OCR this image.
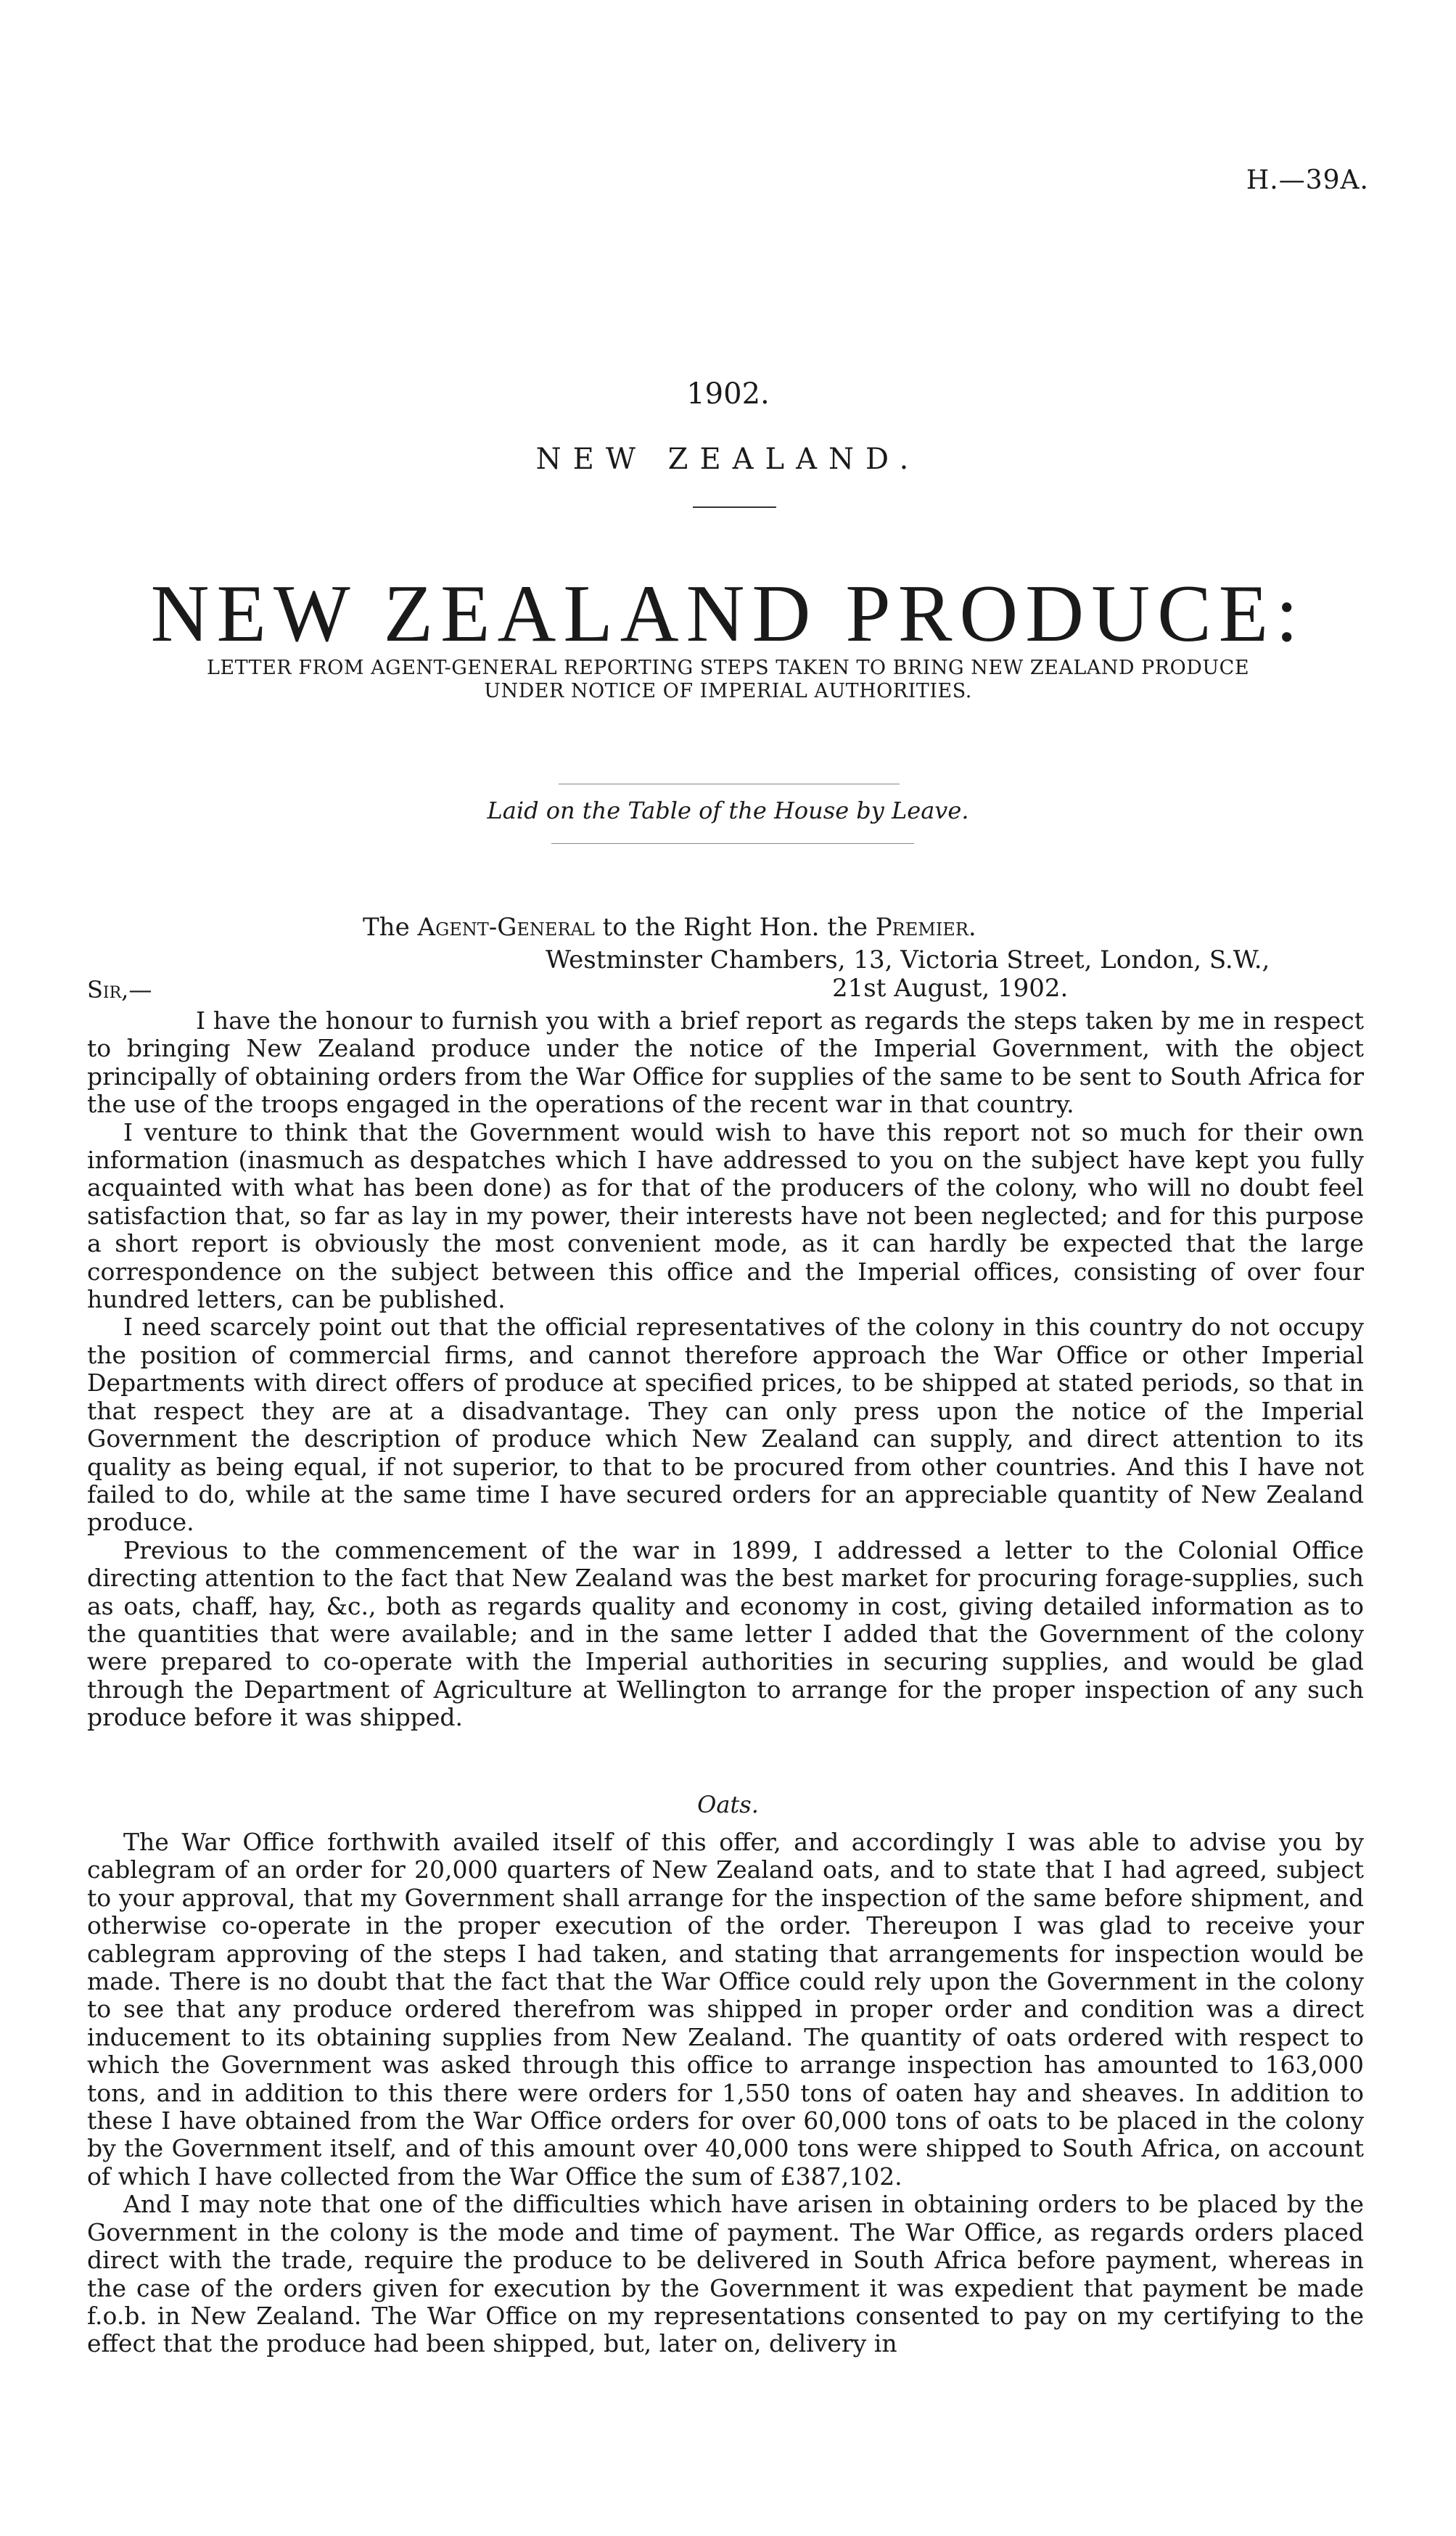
H.—39A.
1902.
NEW ZEALAND.
NEW ZEALAND PRODUCE:
LETTER FROM AGENT-GENERAL REPORTING STEPS TAKEN TO BRING NEW ZEALAND PRODUCE
UNDER NOTICE OF IMPERIAL AUTHORITIES.
Laid on the Table of the House by Leave.
The Agent-General to the Right Hon. the Premier.
Westminster Chambers, 13, Victoria Street, London, S.W.,
Sir,—	21st August, 1902.

I have the honour to furnish you with a brief report as regards the steps taken by me in respect to bringing New Zealand produce under the notice of the Imperial Government, with the object principally of obtaining orders from the War Office for supplies of the same to be sent to South Africa for the use of the troops engaged in the operations of the recent war in that country.

I venture to think that the Government would wish to have this report not so much for their own information (inasmuch as despatches which I have addressed to you on the subject have kept you fully acquainted with what has been done) as for that of the producers of the colony, who will no doubt feel satisfaction that, so far as lay in my power, their interests have not been neglected; and for this purpose a short report is obviously the most convenient mode, as it can hardly be expected that the large correspondence on the subject between this office and the Imperial offices, consisting of over four hundred letters, can be published.

I need scarcely point out that the official representatives of the colony in this country do not occupy the position of commercial firms, and cannot therefore approach the War Office or other Imperial Departments with direct offers of produce at specified prices, to be shipped at stated periods, so that in that respect they are at a disadvantage. They can only press upon the notice of the Imperial Government the description of produce which New Zealand can supply, and direct attention to its quality as being equal, if not superior, to that to be procured from other countries. And this I have not failed to do, while at the same time I have secured orders for an appreciable quantity of New Zealand produce.

Previous to the commencement of the war in 1899, I addressed a letter to the Colonial Office directing attention to the fact that New Zealand was the best market for procuring forage-supplies, such as oats, chaff, hay, &c., both as regards quality and economy in cost, giving detailed information as to the quantities that were available; and in the same letter I added that the Government of the colony were prepared to co-operate with the Imperial authorities in securing supplies, and would be glad through the Department of Agriculture at Wellington to arrange for the proper inspection of any such produce before it was shipped.

Oats.

The War Office forthwith availed itself of this offer, and accordingly I was able to advise you by cablegram of an order for 20,000 quarters of New Zealand oats, and to state that I had agreed, subject to your approval, that my Government shall arrange for the inspection of the same before shipment, and otherwise co-operate in the proper execution of the order. Thereupon I was glad to receive your cablegram approving of the steps I had taken, and stating that arrangements for inspection would be made. There is no doubt that the fact that the War Office could rely upon the Government in the colony to see that any produce ordered therefrom was shipped in proper order and condition was a direct inducement to its obtaining supplies from New Zealand. The quantity of oats ordered with respect to which the Government was asked through this office to arrange inspection has amounted to 163,000 tons, and in addition to this there were orders for 1,550 tons of oaten hay and sheaves. In addition to these I have obtained from the War Office orders for over 60,000 tons of oats to be placed in the colony by the Government itself, and of this amount over 40,000 tons were shipped to South Africa, on account of which I have collected from the War Office the sum of £387,102.

And I may note that one of the difficulties which have arisen in obtaining orders to be placed by the Government in the colony is the mode and time of payment. The War Office, as regards orders placed direct with the trade, require the produce to be delivered in South Africa before payment, whereas in the case of the orders given for execution by the Government it was expedient that payment be made f.o.b. in New Zealand. The War Office on my representations consented to pay on my certifying to the effect that the produce had been shipped, but, later on, delivery in
